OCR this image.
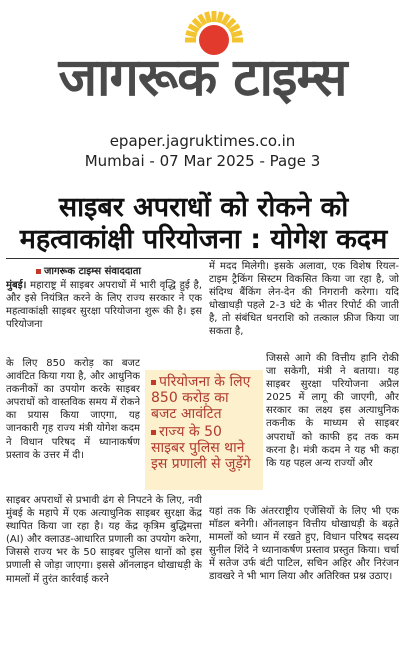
जागरूक टाइम्स
epaper.jagruktimes.co.in
Mumbai - 07 Mar 2025 - Page 3
साइबर अपराधों को रोकने को
महत्वाकांक्षी परियोजना : योगेश कदम
जागरूक टाइम्स संवाददाता
मुंबई। महाराष्ट्र में साइबर अपराधों में भारी वृद्धि हुई है, और इसे नियंत्रित करने के लिए राज्य सरकार ने एक महत्वाकांक्षी साइबर सुरक्षा परियोजना शुरू की है। इस परियोजना
के लिए 850 करोड़ का बजट आवंटित किया गया है, और आधुनिक तकनीकों का उपयोग करके साइबर अपराधों को वास्तविक समय में रोकने का प्रयास किया जाएगा, यह जानकारी गृह राज्य मंत्री योगेश कदम ने विधान परिषद में ध्यानाकर्षण प्रस्ताव के उत्तर में दी।
परियोजना के लिए 850 करोड़ का बजट आवंटित
राज्य के 50 साइबर पुलिस थाने इस प्रणाली से जुड़ेंगे
साइबर अपराधों से प्रभावी ढंग से निपटने के लिए, नवी मुंबई के महापे में एक अत्याधुनिक साइबर सुरक्षा केंद्र स्थापित किया जा रहा है। यह केंद्र कृत्रिम बुद्धिमत्ता (AI) और क्लाउड-आधारित प्रणाली का उपयोग करेगा, जिससे राज्य भर के 50 साइबर पुलिस थानों को इस प्रणाली से जोड़ा जाएगा। इससे ऑनलाइन धोखाधड़ी के मामलों में तुरंत कार्रवाई करने
में मदद मिलेगी। इसके अलावा, एक विशेष रियल-टाइम ट्रैकिंग सिस्टम विकसित किया जा रहा है, जो संदिग्ध बैंकिंग लेन-देन की निगरानी करेगा। यदि धोखाधड़ी पहले 2-3 घंटे के भीतर रिपोर्ट की जाती है, तो संबंधित धनराशि को तत्काल फ्रीज किया जा सकता है,
जिससे आगे की वित्तीय हानि रोकी जा सकेगी, मंत्री ने बताया। यह साइबर सुरक्षा परियोजना अप्रैल 2025 में लागू की जाएगी, और सरकार का लक्ष्य इस अत्याधुनिक तकनीक के माध्यम से साइबर अपराधों को काफी हद तक कम करना है। मंत्री कदम ने यह भी कहा कि यह पहल अन्य राज्यों और
यहां तक कि अंतरराष्ट्रीय एजेंसियों के लिए भी एक मॉडल बनेगी। ऑनलाइन वित्तीय धोखाधड़ी के बढ़ते मामलों को ध्यान में रखते हुए, विधान परिषद सदस्य सुनील शिंदे ने ध्यानाकर्षण प्रस्ताव प्रस्तुत किया। चर्चा में सतेज उर्फ बंटी पाटिल, सचिन अहिर और निरंजन डावखरे ने भी भाग लिया और अतिरिक्त प्रश्न उठाए।
